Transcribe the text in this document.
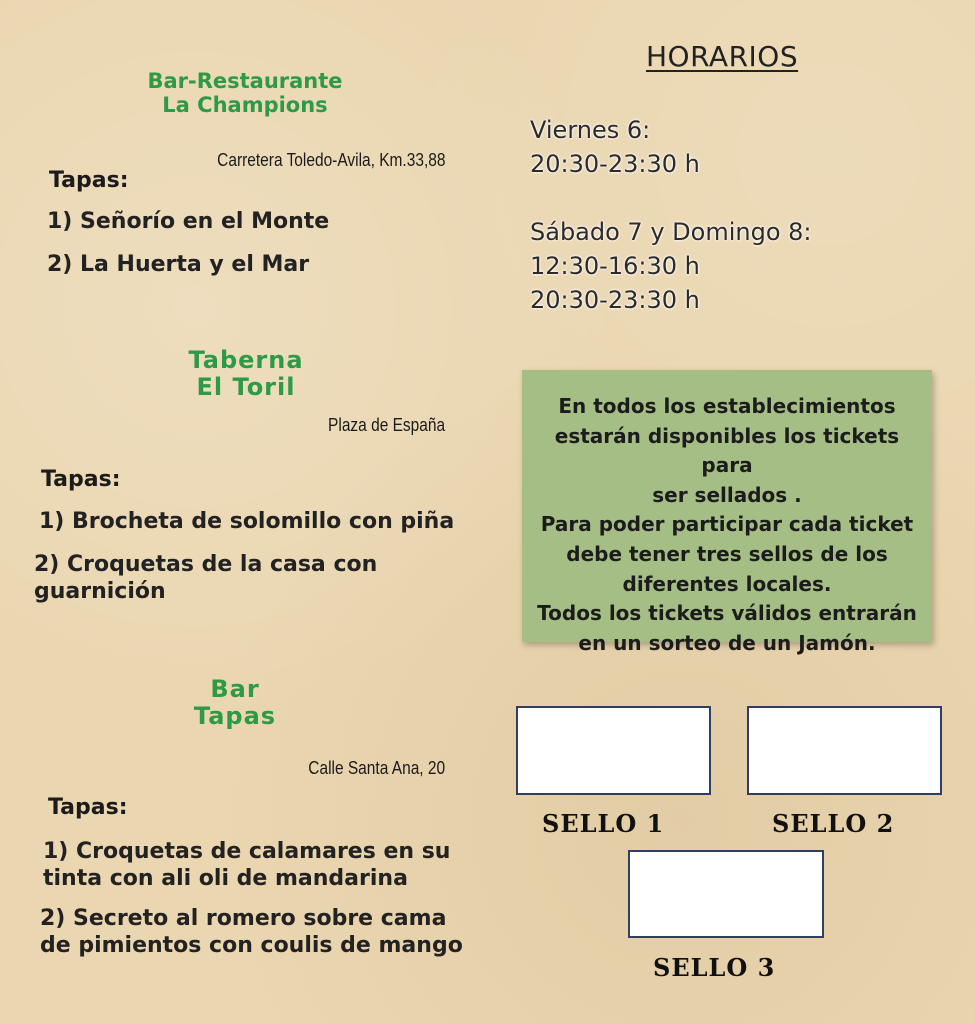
Bar-Restaurante
La Champions
Carretera Toledo-Avila, Km.33,88
Tapas:
1) Señorío en el Monte
2) La Huerta y el Mar
Taberna
El Toril
Plaza de España
Tapas:
1) Brocheta de solomillo con piña
2) Croquetas de la casa con guarnición
Bar
Tapas
Calle Santa Ana, 20
Tapas:
1) Croquetas de calamares en su tinta con ali oli de mandarina
2) Secreto al romero sobre cama de pimientos con coulis de mango
HORARIOS
Viernes 6:
20:30-23:30 h
Sábado 7 y Domingo 8:
12:30-16:30 h
20:30-23:30 h
En todos los establecimientos
estarán disponibles los tickets para
ser sellados .
Para poder participar cada ticket
debe tener tres sellos de los
diferentes locales.
Todos los tickets válidos entrarán
en un sorteo de un Jamón.
SELLO 1	SELLO 2
SELLO 3
